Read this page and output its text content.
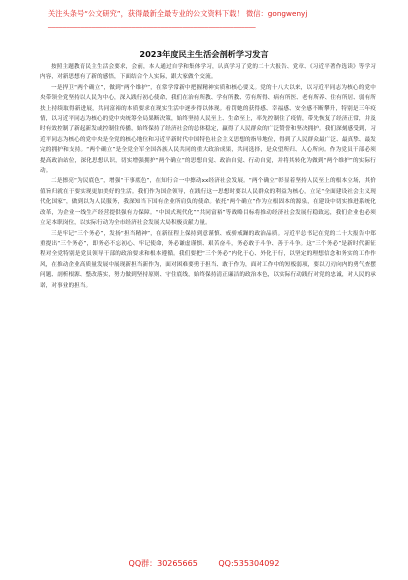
关注头条号“公文研究”，获得最新全最专业的公文资料下载！ 微信：gongwenyj
_________________________________________________________
2023年度民主生活会剖析学习发言

按照主题教育民主生活会要求，会前，本人通过自学和集体学习，认真学习了党的二十大报告、党章、《习近平著作选读》等学习内容，对新思想有了新的感悟，下面结合个人实际，跟大家做个交流。

一是捍卫“两个确立”，做到“两个维护”，在常学常新中把握精神实质和核心要义。党的十八大以来，以习近平同志为核心的党中央带领全党坚持以人民为中心，深入践行初心使命，我们在治有所教、学有所教、劳有所得、病有所医、老有所养、住有所居、弱有所扶上持续取得新进展，共同富裕的本质要求在现实生活中逐步得以体现。看罚她的获得感、幸福感、安全感不断攀升，特别是三年疫情，以习近平同志为核心的党中央统筹全局果断决策，始终坚持人民至上、生命至上，率先控制住了疫情，带先恢复了经济正常，并及时有效控制了新起新发或控制住传播，始终保持了经济社会的总体稳定，赢得了人民群众的广泛赞誉和坚决拥护。我们深刻感受到，习近平同志为核心的党中央是全党的核心地位和习近平新时代中国特色社会主义思想的指导地位，得到了人民群众最广泛、最真挚、最发完的拥护和支持。“两个确立”是全党全军全国各族人民共同的重大政治成果，共同选择，是众望所归、人心所向。作为党员干部必须提高政治站位，深化思想认识，切实增强拥护“两个确立”的思想自觉、政治自觉、行动自觉，并将其转化为做到“两个维护”的实际行动。

二是擦亮“为民底色”，增强“干事底色”，在知行合一中擦动xx经济社会发展。“两个确立”彰显着坚持人民至上的根本立场，其价值旨归就在于要实现更加美好的生活。我们作为国企领导，在践行这一思想时要以人民群众的利益为核心，立足“全面建设社会主义现代化国家”，做到以为人民服务，我深知当下国有企业所肩负的使命。依托“两个确立”作为立根固本的源泉，在建设中切实推进系统化改革，为企业一线生产经营提供强有力保障。“中国式现代化”“共同富裕”等战略目标将推动经济社会发展行稳致远，我们企业也必须立足本职岗位，以实际行动为全市经济社会发展大局积极贡献力量。

三是牢记“三个务必”，发扬“担当精神”，在新征程上保持到意谨慎、戒骄戒躁的政治品质。习近平总书记在党的二十大报告中郑重提出“三个务必”，即务必不忘初心、牢记使命，务必谦虚谨慎、艰苦奋斗，务必敢于斗争、善于斗争。这“三个务必”是新时代新征程对全党特别是党员领导干部的政治要求和根本遵循。我们要把“三个务必”内化于心、外化于行，以坚定的理想信念和务实的工作作风，在推动企业高质量发展中展现新担当新作为，面对困难要勇于担当、敢于作为，面对工作中的短板弱项，要以刀刃向内的勇气查摆问题、剖析根源、整改落实，努力做到坚持原则、守住底线，始终保持清正廉洁的政治本色，以实际行动践行对党的忠诚，对人民的承诺，对事业的担当。

QQ群：30265665	QQ:535304092
